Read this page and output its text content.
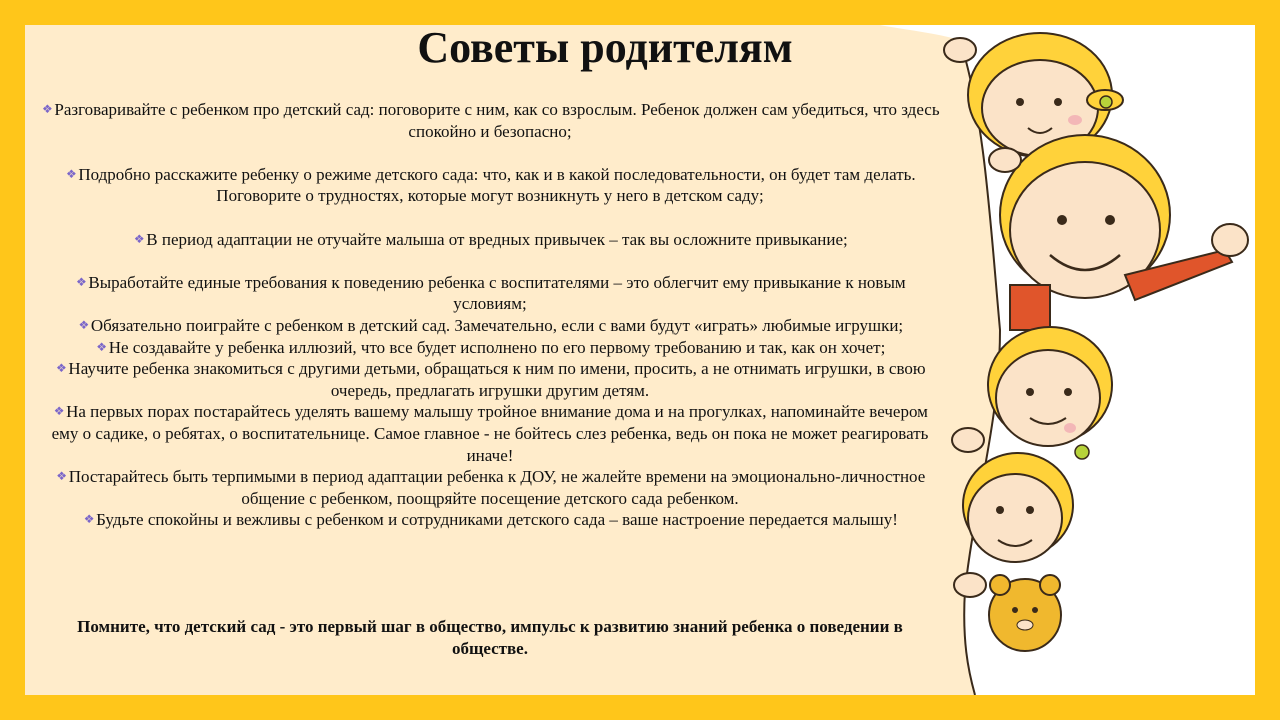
Советы родителям
❖Разговаривайте с ребенком про детский сад: поговорите с ним, как со взрослым. Ребенок должен сам убедиться, что здесь спокойно и безопасно;
❖Подробно расскажите ребенку о режиме детского сада: что, как и в какой последовательности, он будет там делать. Поговорите о трудностях, которые могут возникнуть у него в детском саду;
❖В период адаптации не отучайте малыша от вредных привычек – так вы осложните привыкание;
❖Выработайте единые требования к поведению ребенка с воспитателями – это облегчит ему привыкание к новым условиям;
❖Обязательно поиграйте с ребенком в детский сад. Замечательно, если с вами будут «играть» любимые игрушки;
❖Не создавайте у ребенка иллюзий, что все будет исполнено по его первому требованию и так, как он хочет;
❖Научите ребенка знакомиться с другими детьми, обращаться к ним по имени, просить, а не отнимать игрушки, в свою очередь, предлагать игрушки другим детям.
❖На первых порах постарайтесь уделять вашему малышу тройное внимание дома и на прогулках, напоминайте вечером ему о садике, о ребятах, о воспитательнице. Самое главное - не бойтесь слез ребенка, ведь он пока не может реагировать иначе!
❖Постарайтесь быть терпимыми в период адаптации ребенка к ДОУ, не жалейте времени на эмоционально-личностное общение с ребенком, поощряйте посещение детского сада ребенком.
❖Будьте спокойны и вежливы с ребенком и сотрудниками детского сада – ваше настроение передается малышу!

Помните, что детский сад - это первый шаг в общество, импульс к развитию знаний ребенка о поведении в обществе.
